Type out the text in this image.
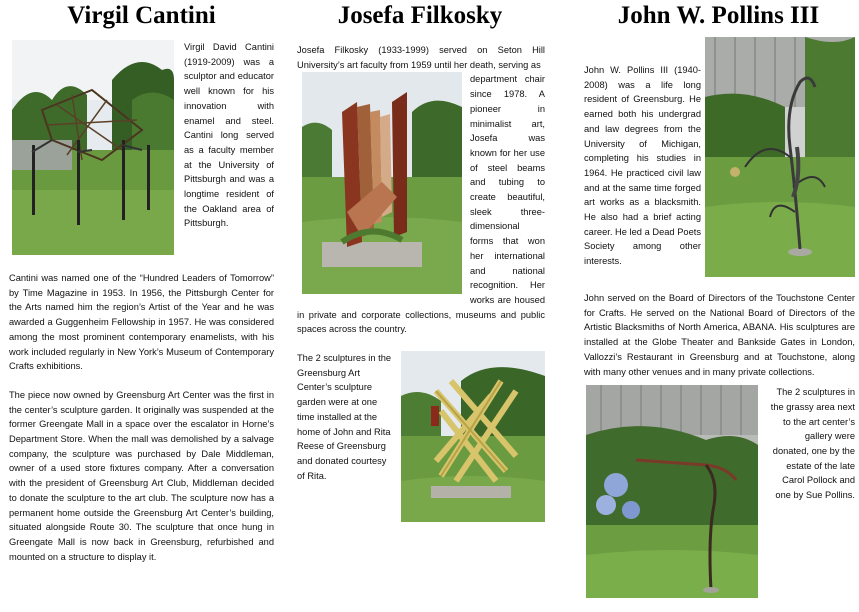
Virgil Cantini

Virgil David Cantini (1919-2009) was a sculptor and educator well known for his innovation with enamel and steel. Cantini long served as a faculty member at the University of Pittsburgh and was a longtime resident of the Oakland area of Pittsburgh.

Cantini was named one of the “Hundred Leaders of Tomorrow” by Time Magazine in 1953. In 1956, the Pittsburgh Center for the Arts named him the region’s Artist of the Year and he was awarded a Guggenheim Fellowship in 1957. He was considered among the most prominent contemporary enamelists, with his work included regularly in New York’s Museum of Contemporary Crafts exhibitions.

The piece now owned by Greensburg Art Center was the first in the center’s sculpture garden. It originally was suspended at the former Greengate Mall in a space over the escalator in Horne’s Department Store. When the mall was demolished by a salvage company, the sculpture was purchased by Dale Middleman, owner of a used store fixtures company. After a conversation with the president of Greensburg Art Club, Middleman decided to donate the sculpture to the art club. The sculpture now has a permanent home outside the Greensburg Art Center’s building, situated alongside Route 30. The sculpture that once hung in Greengate Mall is now back in Greensburg, refurbished and mounted on a structure to display it.

Josefa Filkosky

Josefa Filkosky (1933-1999) served on Seton Hill University’s art faculty from 1959 until her death, serving as

department chair since 1978. A pioneer in minimalist art, Josefa was known for her use of steel beams and tubing to create beautiful, sleek three-dimensional forms that won her international and national recognition. Her works are housed in private and corporate collections, museums and public spaces across the country.

The 2 sculptures in the Greensburg Art Center’s sculpture garden were at one time installed at the home of John and Rita Reese of Greensburg and donated courtesy of Rita.

John W. Pollins III

John W. Pollins III (1940-2008) was a life long resident of Greensburg. He earned both his undergrad and law degrees from the University of Michigan, completing his studies in 1964. He practiced civil law and at the same time forged art works as a blacksmith. He also had a brief acting career. He led a Dead Poets Society among other interests.

John served on the Board of Directors of the Touchstone Center for Crafts. He served on the National Board of Directors of the Artistic Blacksmiths of North America, ABANA. His sculptures are installed at the Globe Theater and Bankside Gates in London, Vallozzi’s Restaurant in Greensburg and at Touchstone, along with many other venues and in many private collections.

The 2 sculptures in the grassy area next to the art center’s gallery were donated, one by the estate of the late Carol Pollock and one by Sue Pollins.
